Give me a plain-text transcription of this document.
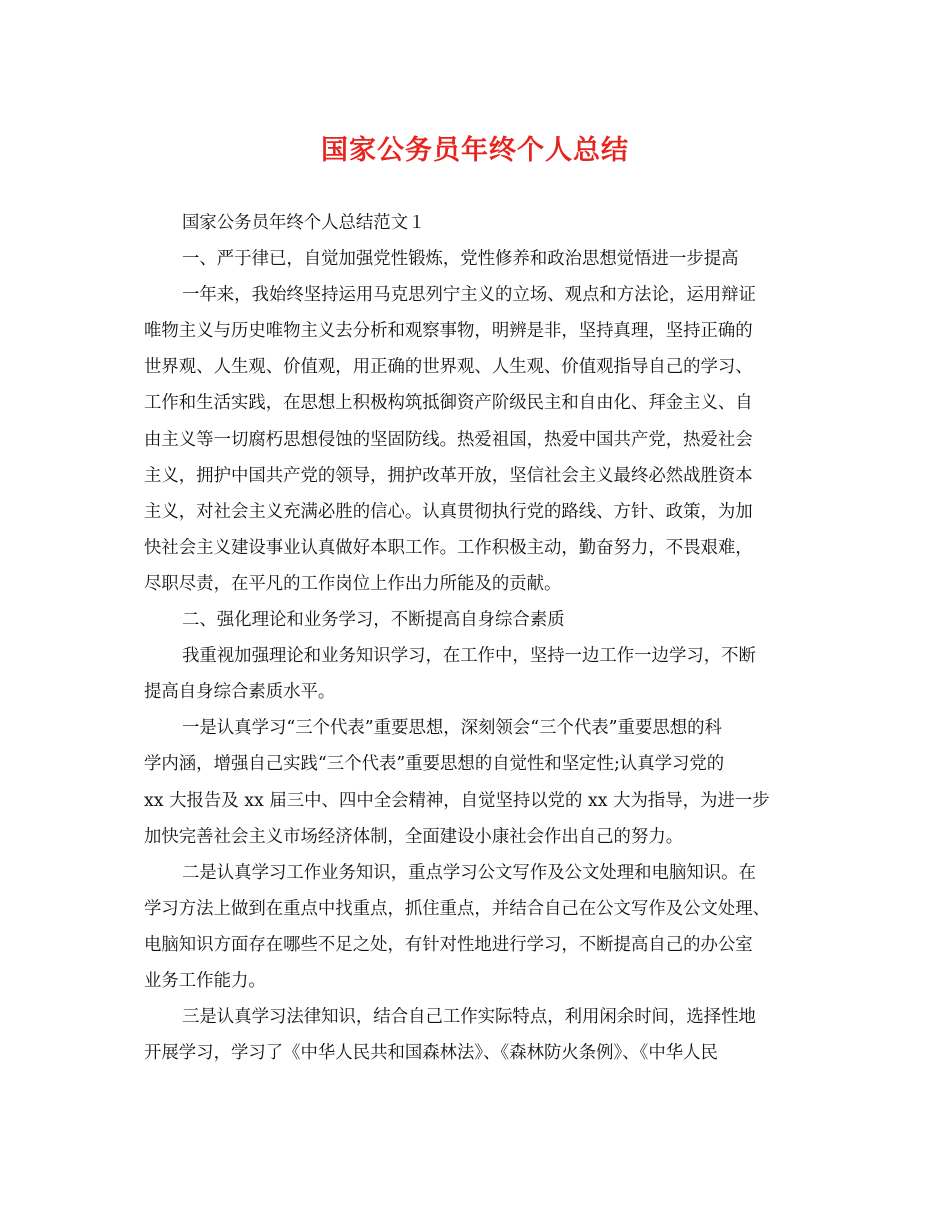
国家公务员年终个人总结
国家公务员年终个人总结范文１
一、严于律已，自觉加强党性锻炼，党性修养和政治思想觉悟进一步提高
一年来，我始终坚持运用马克思列宁主义的立场、观点和方法论，运用辩证
唯物主义与历史唯物主义去分析和观察事物，明辨是非，坚持真理，坚持正确的
世界观、人生观、价值观，用正确的世界观、人生观、价值观指导自己的学习、
工作和生活实践，在思想上积极构筑抵御资产阶级民主和自由化、拜金主义、自
由主义等一切腐朽思想侵蚀的坚固防线。热爱祖国，热爱中国共产党，热爱社会
主义，拥护中国共产党的领导，拥护改革开放，坚信社会主义最终必然战胜资本
主义，对社会主义充满必胜的信心。认真贯彻执行党的路线、方针、政策，为加
快社会主义建设事业认真做好本职工作。工作积极主动，勤奋努力，不畏艰难，
尽职尽责，在平凡的工作岗位上作出力所能及的贡献。
二、强化理论和业务学习，不断提高自身综合素质
我重视加强理论和业务知识学习，在工作中，坚持一边工作一边学习，不断
提高自身综合素质水平。
一是认真学习“三个代表”重要思想，深刻领会“三个代表”重要思想的科
学内涵，增强自己实践“三个代表”重要思想的自觉性和坚定性;认真学习党的
xx 大报告及 xx 届三中、四中全会精神，自觉坚持以党的 xx 大为指导，为进一步
加快完善社会主义市场经济体制，全面建设小康社会作出自己的努力。
二是认真学习工作业务知识，重点学习公文写作及公文处理和电脑知识。在
学习方法上做到在重点中找重点，抓住重点，并结合自己在公文写作及公文处理、
电脑知识方面存在哪些不足之处，有针对性地进行学习，不断提高自己的办公室
业务工作能力。
三是认真学习法律知识，结合自己工作实际特点，利用闲余时间，选择性地
开展学习，学习了《中华人民共和国森林法》、《森林防火条例》、《中华人民
